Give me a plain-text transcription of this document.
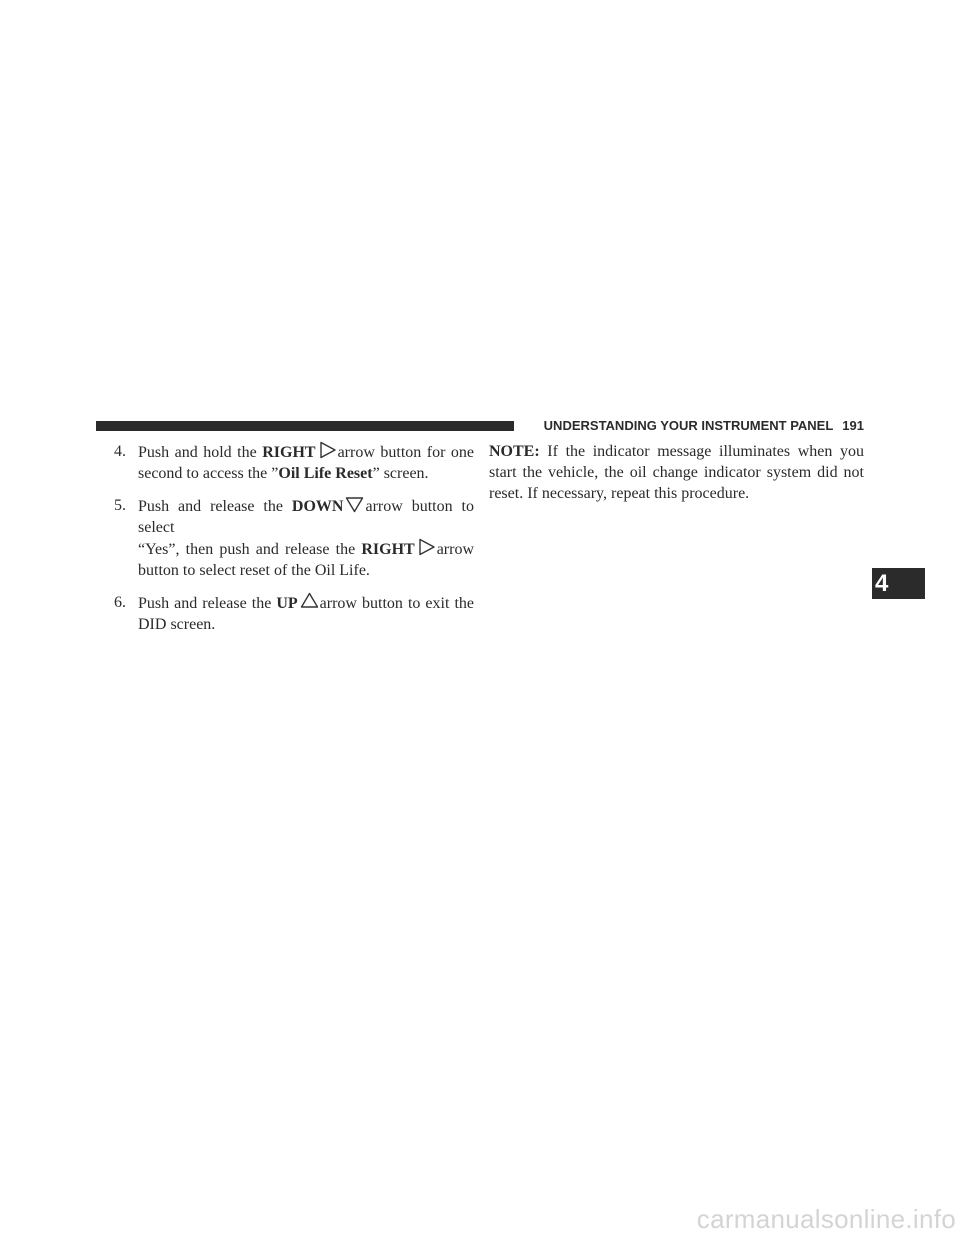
UNDERSTANDING YOUR INSTRUMENT PANEL 191
4. Push and hold the RIGHT arrow button for one
second to access the ”Oil Life Reset” screen.
5. Push and release the DOWN arrow button to select
“Yes”, then push and release the RIGHT arrow
button to select reset of the Oil Life.
6. Push and release the UP arrow button to exit the
DID screen.
NOTE: If the indicator message illuminates when you start the vehicle, the oil change indicator system did not reset. If necessary, repeat this procedure.
4
carmanualsonline.info
